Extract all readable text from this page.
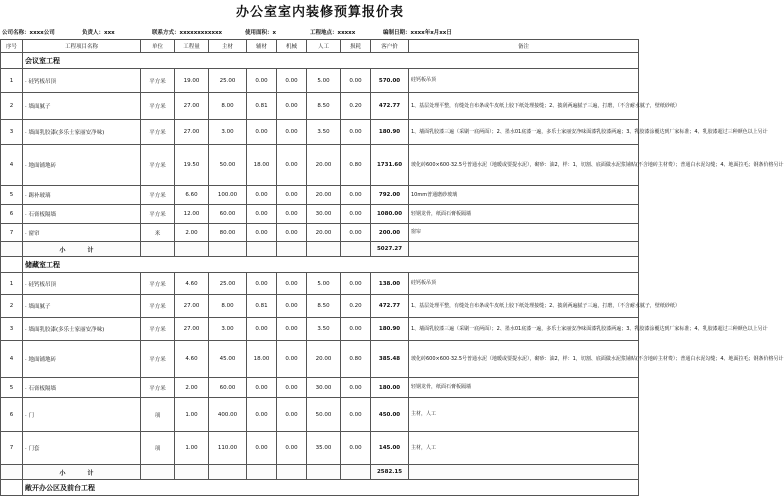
办公室室内装修预算报价表
公司名称：xxxx公司	负责人：xxx	联系方式：xxxxxxxxxxxx	使用面积：x	工程地点：xxxxx	编制日期：xxxx年x月xx日
序号	工程项目名称	单位	工程量	主材	辅材	机械	人工	损耗	客户价	备注
	会议室工程									
1	· 硅钙板吊顶	平方米	19.00	25.00	0.00	0.00	5.00	0.00	570.00	硅钙板吊顶
2	· 墙面腻子	平方米	27.00	8.00	0.81	0.00	8.50	0.20	472.77	1、基层处理平整，有缝处自布条或牛皮纸上胶下纸处理接缝；2、披刮两遍腻子三遍，打磨，（不含耐水腻子，壁纸砂纸）
3	· 墙面乳胶漆(多乐士家丽安净味)	平方米	27.00	3.00	0.00	0.00	3.50	0.00	180.90	1、墙面乳胶漆三遍（采刷一底两面）；2、墨水01底漆一遍，多乐士家丽安净味面漆乳胶漆两遍；3、乳胶漆涂覆达到厂家标准；4、乳胶漆超过三种颜色以上另计
4	· 地面铺地砖	平方米	19.50	50.00	18.00	0.00	20.00	0.80	1731.60	玻化砖600×600·32.5号普通水泥（地暖或要提水泥），砌砂：油2，样：1，切割、底面做水泥浆铺贴(不含地砖主材费）；普通白水泥勾缝；4、地面拉毛；钢条价格另计
5	· 踢补玻璃	平方米	6.60	100.00	0.00	0.00	20.00	0.00	792.00	10mm普通磨砂玻璃
6	· 石膏板隔墙	平方米	12.00	60.00	0.00	0.00	30.00	0.00	1080.00	轻钢龙骨，纸面石膏板隔墙
7	· 窗帘	米	2.00	80.00	0.00	0.00	20.00	0.00	200.00	窗帘
	小 计								5027.27	
	储藏室工程									
1	· 硅钙板吊顶	平方米	4.60	25.00	0.00	0.00	5.00	0.00	138.00	硅钙板吊顶
2	· 墙面腻子	平方米	27.00	8.00	0.81	0.00	8.50	0.20	472.77	1、基层处理平整，有缝处自布条或牛皮纸上胶下纸处理接缝；2、披刮两遍腻子三遍，打磨，（不含耐水腻子，壁纸砂纸）
3	· 墙面乳胶漆(多乐士家丽安净味)	平方米	27.00	3.00	0.00	0.00	3.50	0.00	180.90	1、墙面乳胶漆三遍（采刷一底两面）；2、墨水01底漆一遍，多乐士家丽安净味面漆乳胶漆两遍；3、乳胶漆涂覆达到厂家标准；4、乳胶漆超过三种颜色以上另计
4	· 地面铺地砖	平方米	4.60	45.00	18.00	0.00	20.00	0.80	385.48	玻化砖600×600·32.5号普通水泥（地暖或要提水泥），砌砂：油2，样：1，切割、底面做水泥浆铺贴(不含地砖主材费）；普通白水泥勾缝；4、地面拉毛；钢条价格另计
5	· 石膏板隔墙	平方米	2.00	60.00	0.00	0.00	30.00	0.00	180.00	轻钢龙骨，纸面石膏板隔墙
6	· 门	项	1.00	400.00	0.00	0.00	50.00	0.00	450.00	主材，人工
7	· 门套	项	1.00	110.00	0.00	0.00	35.00	0.00	145.00	主材，人工
	小 计								2582.15	
	敞开办公区及前台工程									
